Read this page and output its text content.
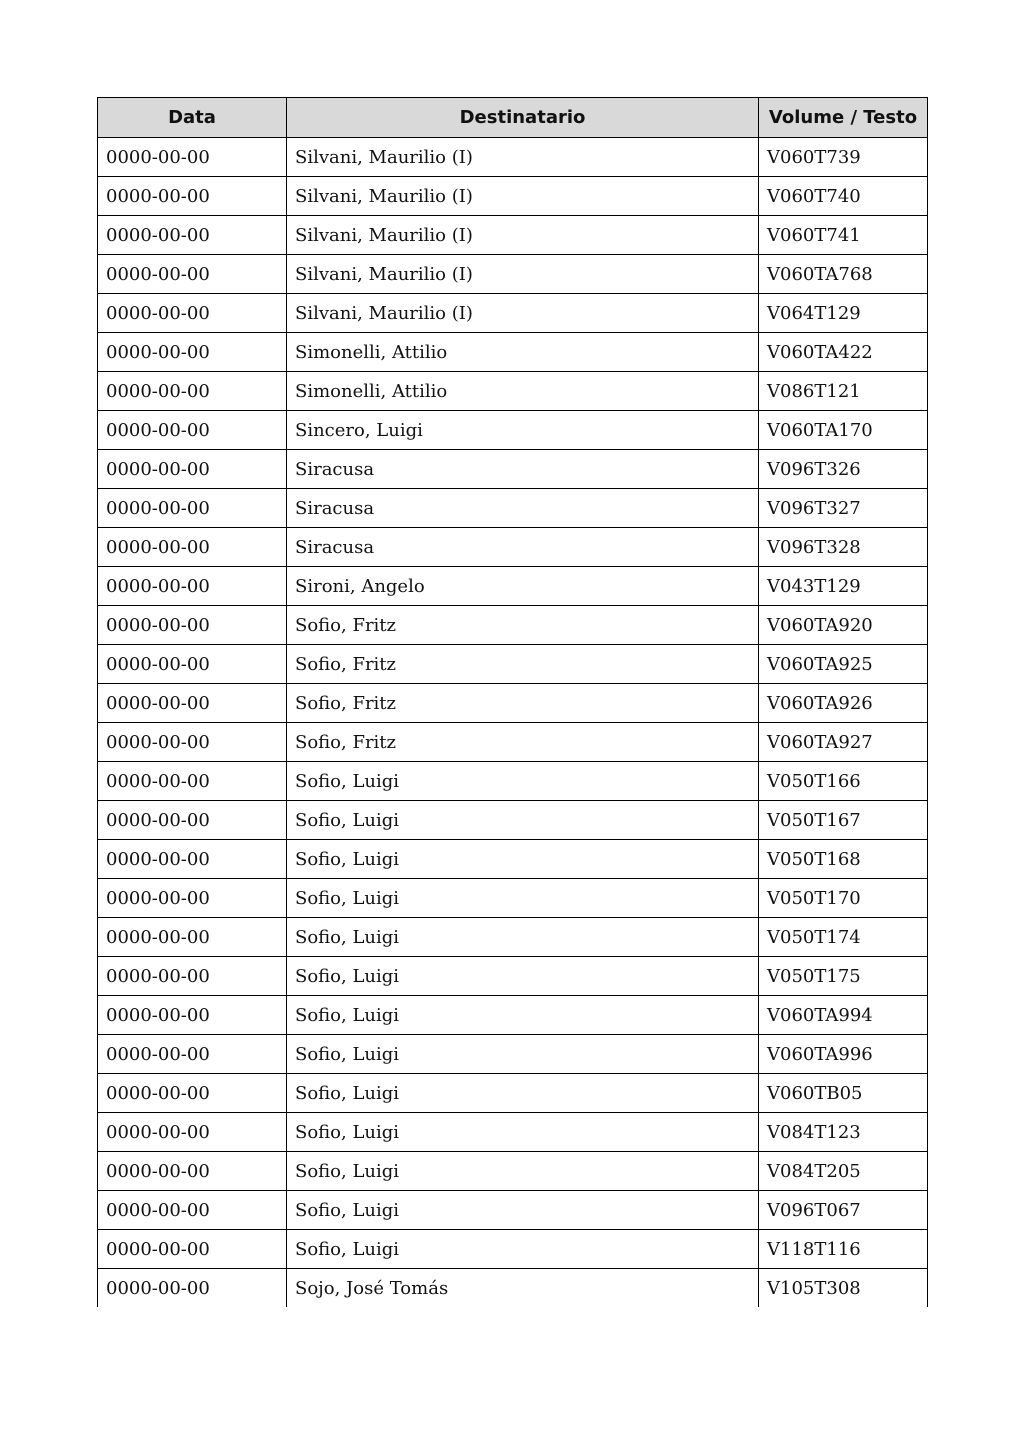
Data	Destinatario	Volume / Testo
0000-00-00	Silvani, Maurilio (I)	V060T739
0000-00-00	Silvani, Maurilio (I)	V060T740
0000-00-00	Silvani, Maurilio (I)	V060T741
0000-00-00	Silvani, Maurilio (I)	V060TA768
0000-00-00	Silvani, Maurilio (I)	V064T129
0000-00-00	Simonelli, Attilio	V060TA422
0000-00-00	Simonelli, Attilio	V086T121
0000-00-00	Sincero, Luigi	V060TA170
0000-00-00	Siracusa	V096T326
0000-00-00	Siracusa	V096T327
0000-00-00	Siracusa	V096T328
0000-00-00	Sironi, Angelo	V043T129
0000-00-00	Sofio, Fritz	V060TA920
0000-00-00	Sofio, Fritz	V060TA925
0000-00-00	Sofio, Fritz	V060TA926
0000-00-00	Sofio, Fritz	V060TA927
0000-00-00	Sofio, Luigi	V050T166
0000-00-00	Sofio, Luigi	V050T167
0000-00-00	Sofio, Luigi	V050T168
0000-00-00	Sofio, Luigi	V050T170
0000-00-00	Sofio, Luigi	V050T174
0000-00-00	Sofio, Luigi	V050T175
0000-00-00	Sofio, Luigi	V060TA994
0000-00-00	Sofio, Luigi	V060TA996
0000-00-00	Sofio, Luigi	V060TB05
0000-00-00	Sofio, Luigi	V084T123
0000-00-00	Sofio, Luigi	V084T205
0000-00-00	Sofio, Luigi	V096T067
0000-00-00	Sofio, Luigi	V118T116
0000-00-00	Sojo, José Tomás	V105T308
